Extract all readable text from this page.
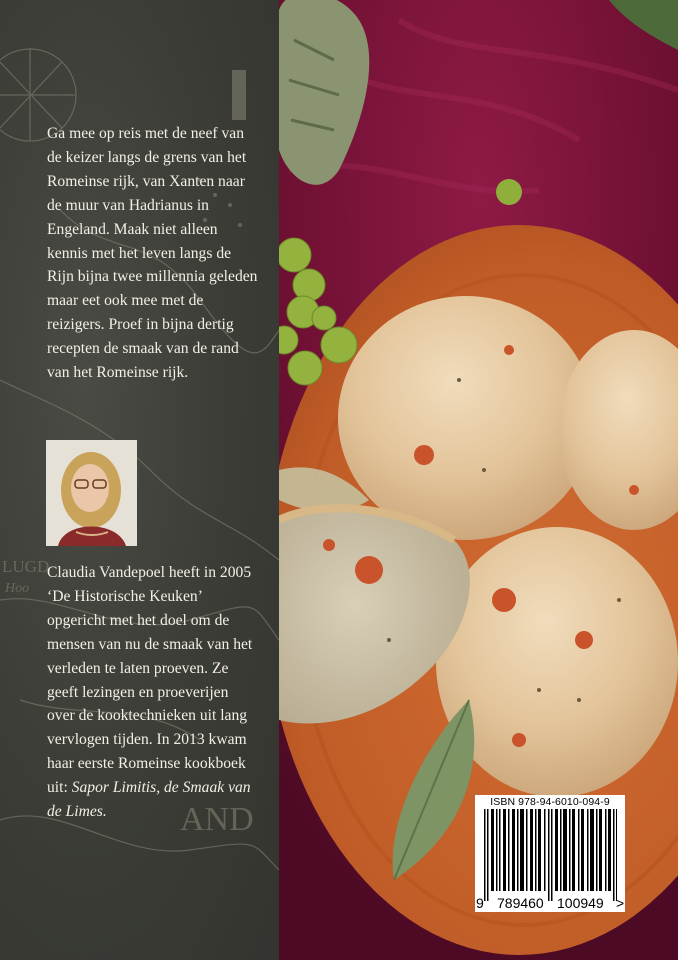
LUGD
Hoo
AND

Ga mee op reis met de neef van de keizer langs de grens van het Romeinse rijk, van Xanten naar de muur van Hadrianus in Engeland. Maak niet alleen kennis met het leven langs de Rijn bijna twee millennia geleden maar eet ook mee met de reizigers. Proef in bijna dertig recepten de smaak van de rand van het Romeinse rijk.

Claudia Vandepoel heeft in 2005 ‘De Historische Keuken’ opgericht met het doel om de mensen van nu de smaak van het verleden te laten proeven. Ze geeft lezingen en proeverijen over de kooktechnieken uit lang vervlogen tijden. In 2013 kwam haar eerste Romeinse kookboek uit: Sapor Limitis, de Smaak van de Limes.

ISBN 978-94-6010-094-9
9 789460 100949 >
